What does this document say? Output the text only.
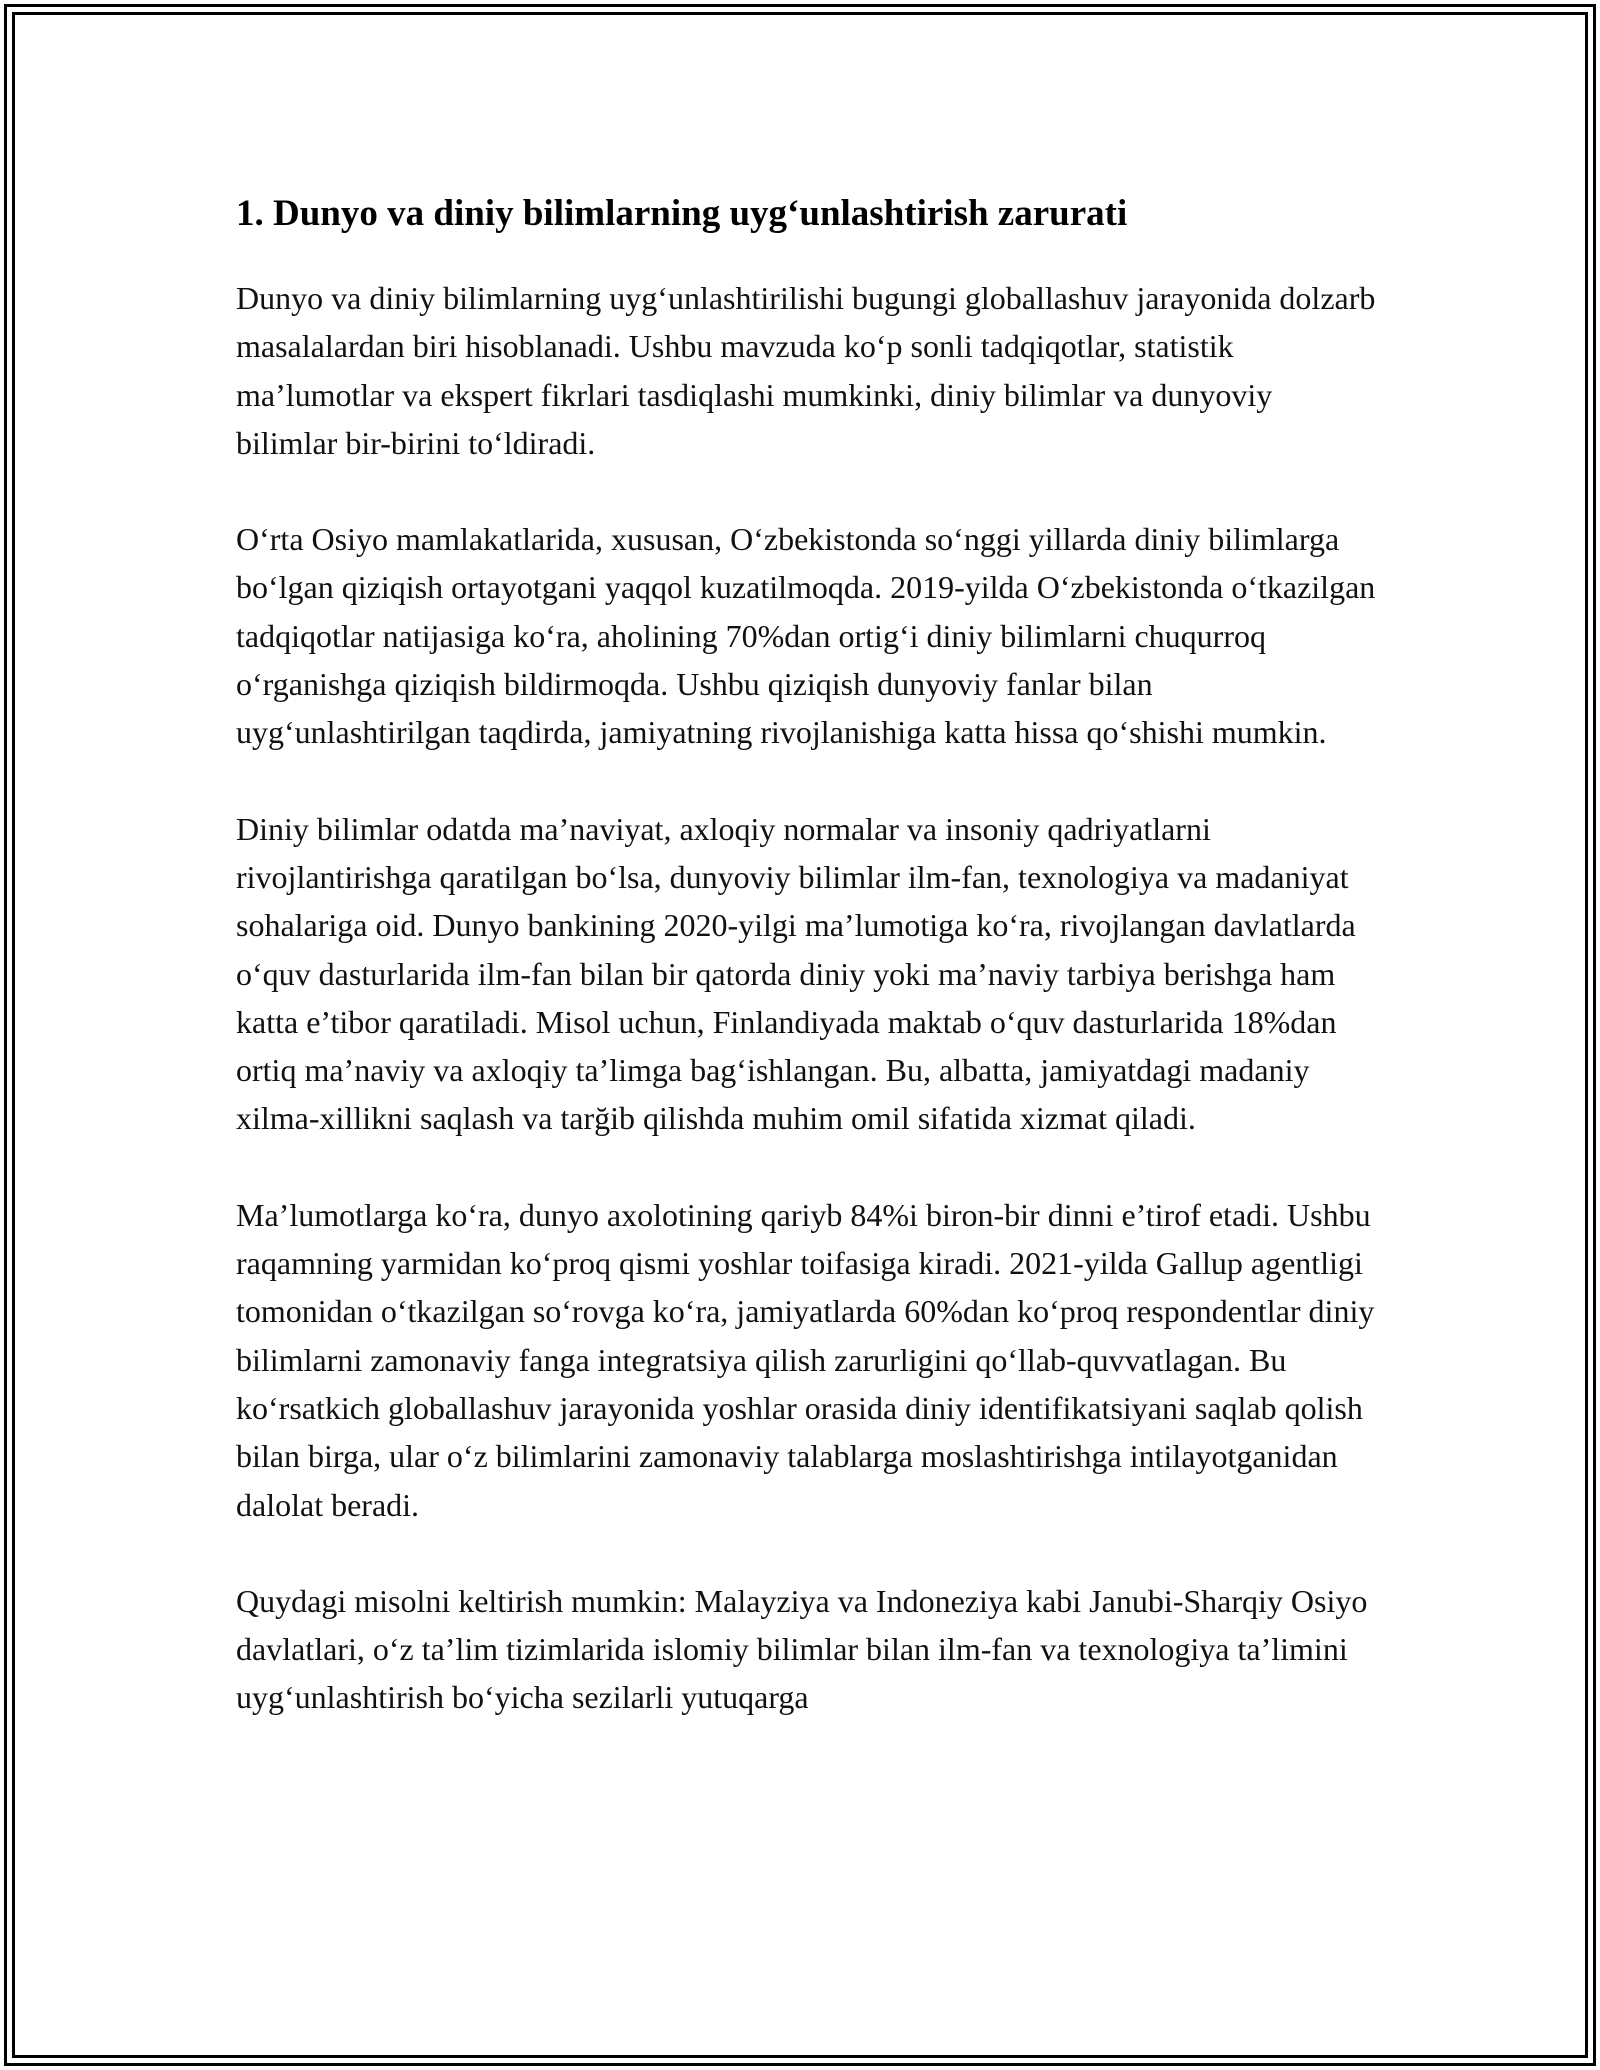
1. Dunyo va diniy bilimlarning uyg‘unlashtirish zarurati

Dunyo va diniy bilimlarning uyg‘unlashtirilishi bugungi globallashuv jarayonida dolzarb masalalardan biri hisoblanadi. Ushbu mavzuda ko‘p sonli tadqiqotlar, statistik ma’lumotlar va ekspert fikrlari tasdiqlashi mumkinki, diniy bilimlar va dunyoviy bilimlar bir-birini to‘ldiradi.

O‘rta Osiyo mamlakatlarida, xususan, O‘zbekistonda so‘nggi yillarda diniy bilimlarga bo‘lgan qiziqish ortayotgani yaqqol kuzatilmoqda. 2019-yilda O‘zbekistonda o‘tkazilgan tadqiqotlar natijasiga ko‘ra, aholining 70%dan ortig‘i diniy bilimlarni chuqurroq o‘rganishga qiziqish bildirmoqda. Ushbu qiziqish dunyoviy fanlar bilan uyg‘unlashtirilgan taqdirda, jamiyatning rivojlanishiga katta hissa qo‘shishi mumkin.

Diniy bilimlar odatda ma’naviyat, axloqiy normalar va insoniy qadriyatlarni rivojlantirishga qaratilgan bo‘lsa, dunyoviy bilimlar ilm-fan, texnologiya va madaniyat sohalariga oid. Dunyo bankining 2020-yilgi ma’lumotiga ko‘ra, rivojlangan davlatlarda o‘quv dasturlarida ilm-fan bilan bir qatorda diniy yoki ma’naviy tarbiya berishga ham katta e’tibor qaratiladi. Misol uchun, Finlandiyada maktab o‘quv dasturlarida 18%dan ortiq ma’naviy va axloqiy ta’limga bag‘ishlangan. Bu, albatta, jamiyatdagi madaniy xilma-xillikni saqlash va tarğib qilishda muhim omil sifatida xizmat qiladi.

Ma’lumotlarga ko‘ra, dunyo axolotining qariyb 84%i biron-bir dinni e’tirof etadi. Ushbu raqamning yarmidan ko‘proq qismi yoshlar toifasiga kiradi. 2021-yilda Gallup agentligi tomonidan o‘tkazilgan so‘rovga ko‘ra, jamiyatlarda 60%dan ko‘proq respondentlar diniy bilimlarni zamonaviy fanga integratsiya qilish zarurligini qo‘llab-quvvatlagan. Bu ko‘rsatkich globallashuv jarayonida yoshlar orasida diniy identifikatsiyani saqlab qolish bilan birga, ular o‘z bilimlarini zamonaviy talablarga moslashtirishga intilayotganidan dalolat beradi.

Quydagi misolni keltirish mumkin: Malayziya va Indoneziya kabi Janubi-Sharqiy Osiyo davlatlari, o‘z ta’lim tizimlarida islomiy bilimlar bilan ilm-fan va texnologiya ta’limini uyg‘unlashtirish bo‘yicha sezilarli yutuqarga
